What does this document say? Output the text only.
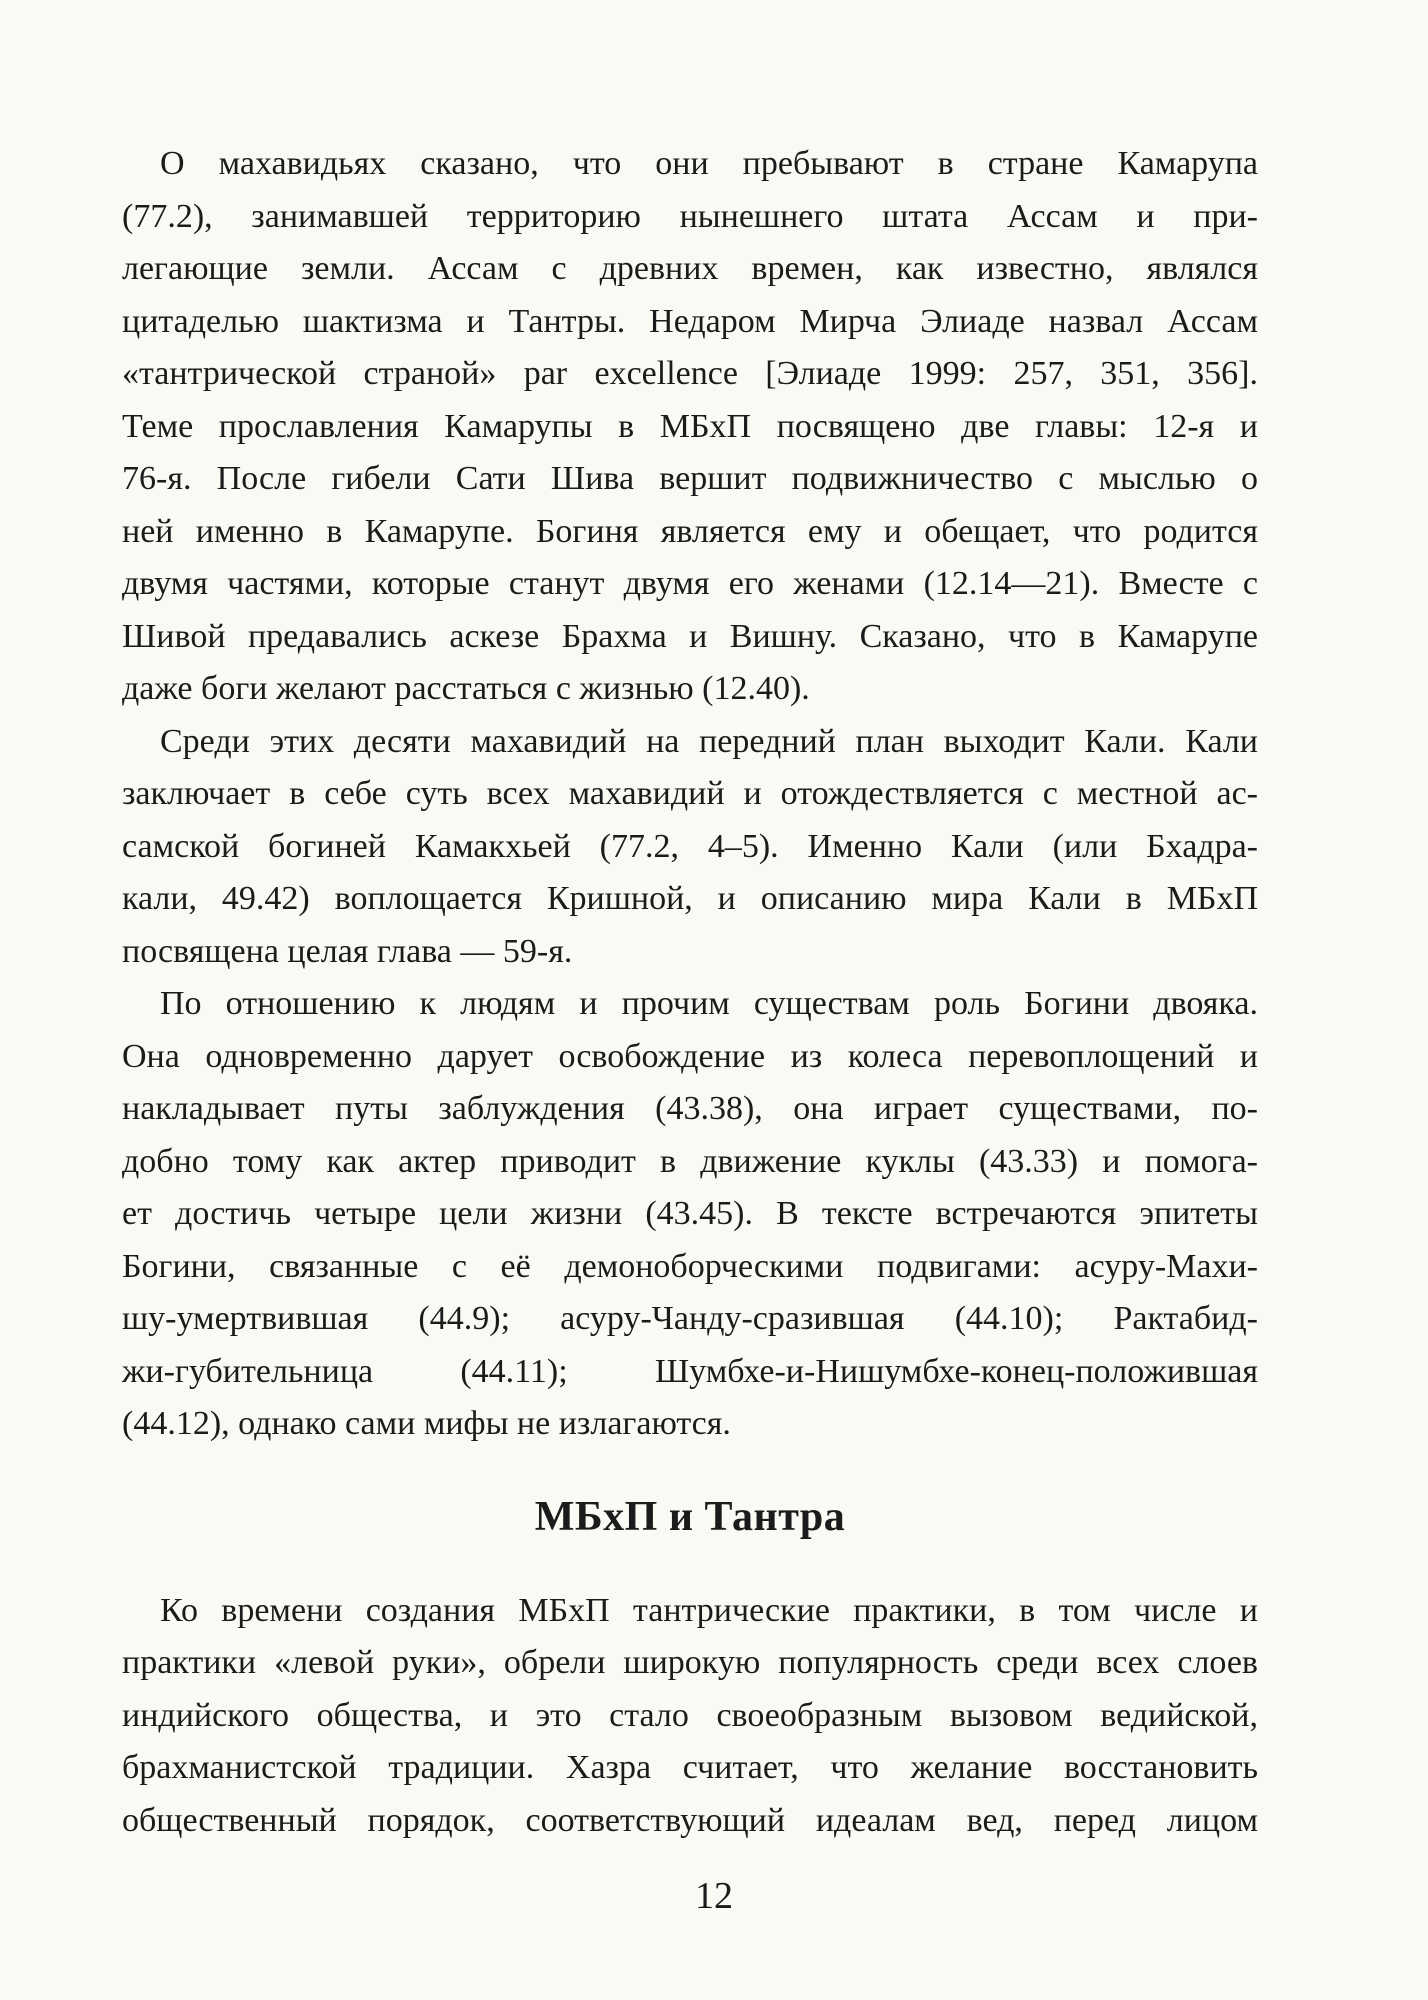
О махавидьях сказано, что они пребывают в стране Камарупа
(77.2), занимавшей территорию нынешнего штата Ассам и при-
легающие земли. Ассам с древних времен, как известно, являлся
цитаделью шактизма и Тантры. Недаром Мирча Элиаде назвал Ассам
«тантрической страной» par excellence [Элиаде 1999: 257, 351, 356].
Теме прославления Камарупы в МБхП посвящено две главы: 12-я и
76-я. После гибели Сати Шива вершит подвижничество с мыслью о
ней именно в Камарупе. Богиня является ему и обещает, что родится
двумя частями, которые станут двумя его женами (12.14—21). Вместе с
Шивой предавались аскезе Брахма и Вишну. Сказано, что в Камарупе
даже боги желают расстаться с жизнью (12.40).
Среди этих десяти махавидий на передний план выходит Кали. Кали
заключает в себе суть всех махавидий и отождествляется с местной ас-
самской богиней Камакхьей (77.2, 4–5). Именно Кали (или Бхадра-
кали, 49.42) воплощается Кришной, и описанию мира Кали в МБхП
посвящена целая глава — 59-я.
По отношению к людям и прочим существам роль Богини двояка.
Она одновременно дарует освобождение из колеса перевоплощений и
накладывает путы заблуждения (43.38), она играет существами, по-
добно тому как актер приводит в движение куклы (43.33) и помога-
ет достичь четыре цели жизни (43.45). В тексте встречаются эпитеты
Богини, связанные с её демоноборческими подвигами: асуру-Махи-
шу-умертвившая (44.9); асуру-Чанду-сразившая (44.10); Рактабид-
жи-губительница (44.11); Шумбхе-и-Нишумбхе-конец-положившая
(44.12), однако сами мифы не излагаются.
МБхП и Тантра
Ко времени создания МБхП тантрические практики, в том числе и
практики «левой руки», обрели широкую популярность среди всех слоев
индийского общества, и это стало своеобразным вызовом ведийской,
брахманистской традиции. Хазра считает, что желание восстановить
общественный порядок, соответствующий идеалам вед, перед лицом
12
